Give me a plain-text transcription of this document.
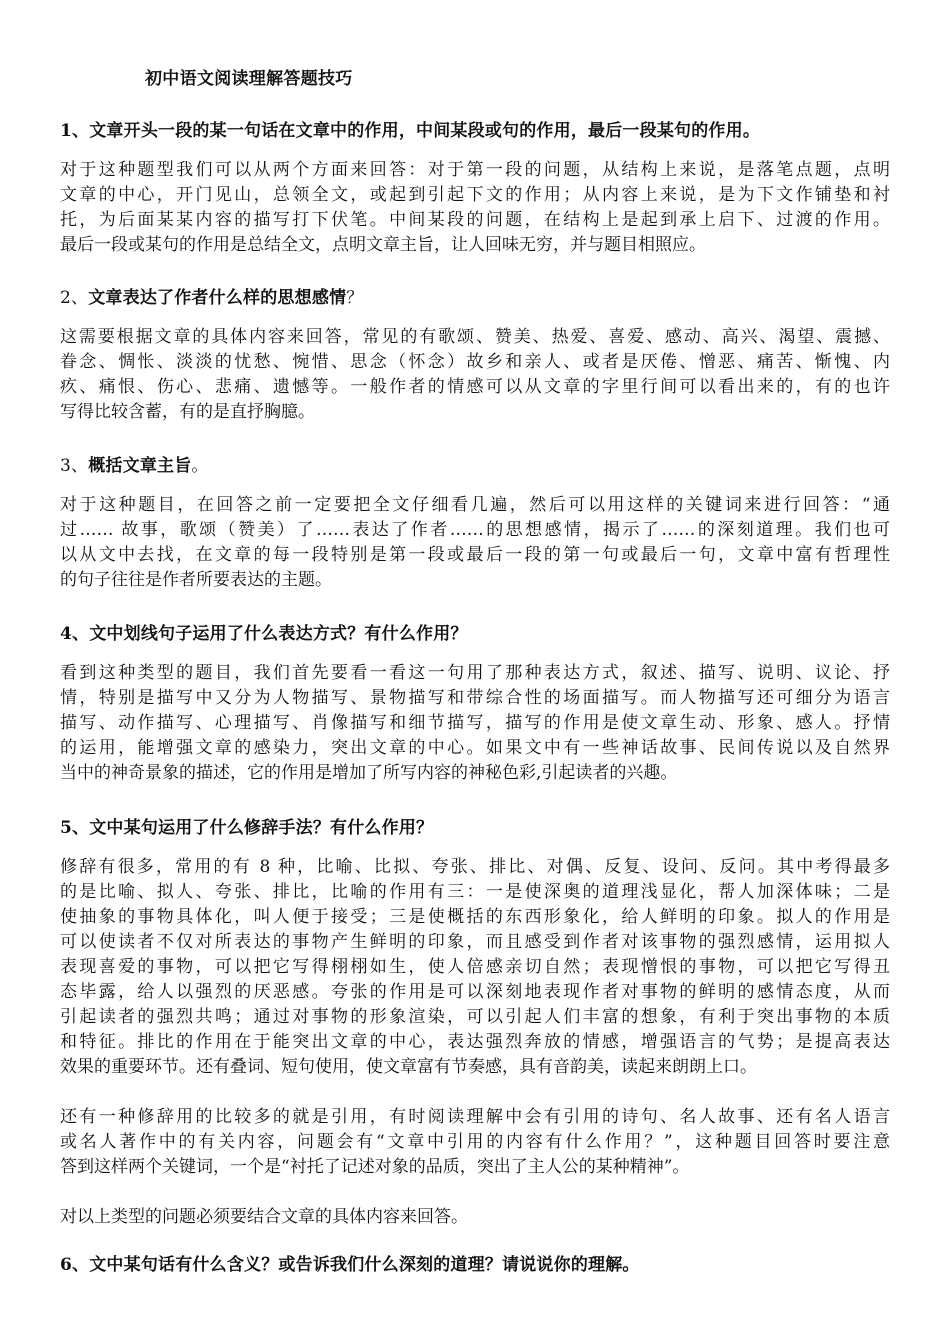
初中语文阅读理解答题技巧
1、文章开头一段的某一句话在文章中的作用，中间某段或句的作用，最后一段某句的作用。
对于这种题型我们可以从两个方面来回答：对于第一段的问题，从结构上来说，是落笔点题，点明
文章的中心，开门见山，总领全文，或起到引起下文的作用；从内容上来说，是为下文作铺垫和衬
托，为后面某某内容的描写打下伏笔。中间某段的问题，在结构上是起到承上启下、过渡的作用。
最后一段或某句的作用是总结全文，点明文章主旨，让人回味无穷，并与题目相照应。
2、文章表达了作者什么样的思想感情？
这需要根据文章的具体内容来回答，常见的有歌颂、赞美、热爱、喜爱、感动、高兴、渴望、震撼、
眷念、惆怅、淡淡的忧愁、惋惜、思念（怀念）故乡和亲人、或者是厌倦、憎恶、痛苦、惭愧、内
疚、痛恨、伤心、悲痛、遗憾等。一般作者的情感可以从文章的字里行间可以看出来的，有的也许
写得比较含蓄，有的是直抒胸臆。
3、概括文章主旨。
对于这种题目，在回答之前一定要把全文仔细看几遍，然后可以用这样的关键词来进行回答：“通
过…… 故事，歌颂（赞美）了……表达了作者……的思想感情，揭示了……的深刻道理。我们也可
以从文中去找，在文章的每一段特别是第一段或最后一段的第一句或最后一句，文章中富有哲理性
的句子往往是作者所要表达的主题。
4、文中划线句子运用了什么表达方式？有什么作用？
看到这种类型的题目，我们首先要看一看这一句用了那种表达方式，叙述、描写、说明、议论、抒
情，特别是描写中又分为人物描写、景物描写和带综合性的场面描写。而人物描写还可细分为语言
描写、动作描写、心理描写、肖像描写和细节描写，描写的作用是使文章生动、形象、感人。抒情
的运用，能增强文章的感染力，突出文章的中心。如果文中有一些神话故事、民间传说以及自然界
当中的神奇景象的描述，它的作用是增加了所写内容的神秘色彩,引起读者的兴趣。
5、文中某句运用了什么修辞手法？有什么作用？
修辞有很多，常用的有 8 种，比喻、比拟、夸张、排比、对偶、反复、设问、反问。其中考得最多
的是比喻、拟人、夸张、排比，比喻的作用有三：一是使深奥的道理浅显化，帮人加深体味；二是
使抽象的事物具体化，叫人便于接受；三是使概括的东西形象化，给人鲜明的印象。拟人的作用是
可以使读者不仅对所表达的事物产生鲜明的印象，而且感受到作者对该事物的强烈感情，运用拟人
表现喜爱的事物，可以把它写得栩栩如生，使人倍感亲切自然；表现憎恨的事物，可以把它写得丑
态毕露，给人以强烈的厌恶感。夸张的作用是可以深刻地表现作者对事物的鲜明的感情态度，从而
引起读者的强烈共鸣；通过对事物的形象渲染，可以引起人们丰富的想象，有利于突出事物的本质
和特征。排比的作用在于能突出文章的中心，表达强烈奔放的情感，增强语言的气势；是提高表达
效果的重要环节。还有叠词、短句使用，使文章富有节奏感，具有音韵美，读起来朗朗上口。
还有一种修辞用的比较多的就是引用，有时阅读理解中会有引用的诗句、名人故事、还有名人语言
或名人著作中的有关内容，问题会有“文章中引用的内容有什么作用？”，这种题目回答时要注意
答到这样两个关键词，一个是“衬托了记述对象的品质，突出了主人公的某种精神”。
对以上类型的问题必须要结合文章的具体内容来回答。
6、文中某句话有什么含义？或告诉我们什么深刻的道理？请说说你的理解。
